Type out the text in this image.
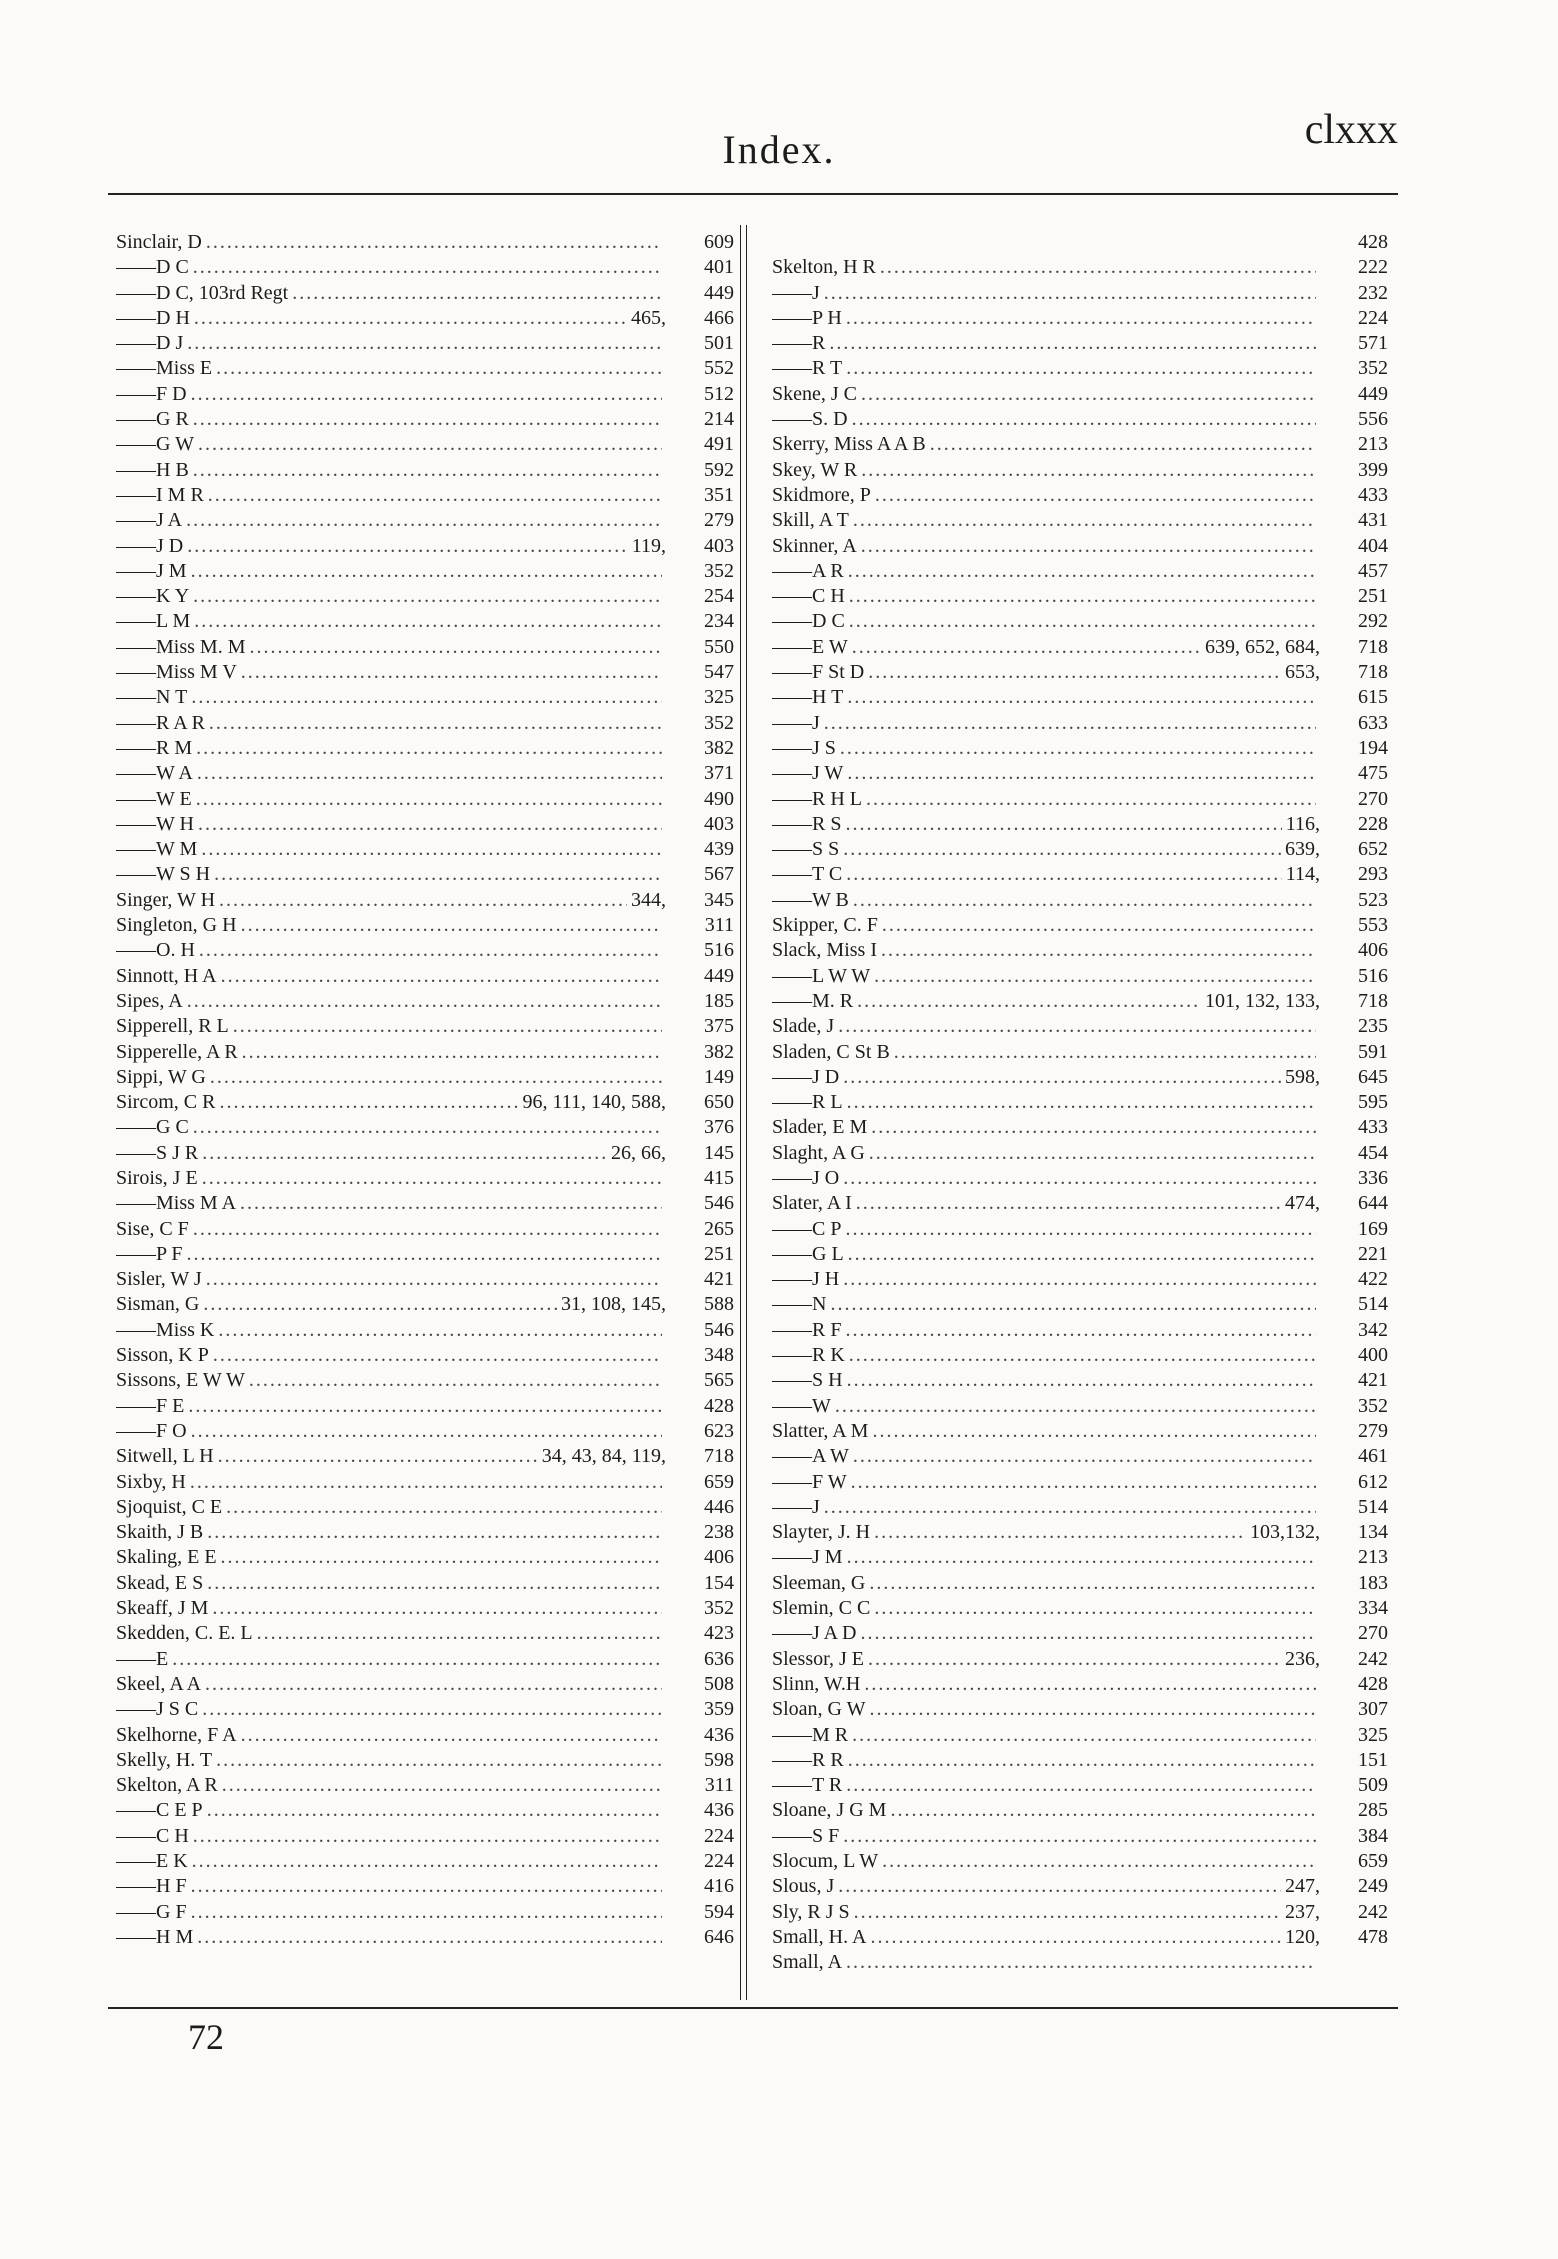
Index.	clxxx
Sinclair, D .....	609
——D C .....	401
——D C, 103rd Regt .....	449
——D H .....	465,	466
——D J .....	501
——Miss E .....	552
——F D .....	512
——G R .....	214
——G W .....	491
——H B .....	592
——I M R .....	351
——J A .....	279
——J D .....	119,	403
——J M .....	352
——K Y .....	254
——L M .....	234
——Miss M. M .....	550
——Miss M V .....	547
——N T .....	325
——R A R .....	352
——R M .....	382
——W A .....	371
——W E .....	490
——W H .....	403
——W M .....	439
——W S H .....	567
Singer, W H .....	344,	345
Singleton, G H .....	311
——O. H .....	516
Sinnott, H A .....	449
Sipes, A .....	185
Sipperell, R L .....	375
Sipperelle, A R .....	382
Sippi, W G .....	149
Sircom, C R .....	96, 111, 140, 588,	650
——G C .....	376
——S J R .....	26, 66,	145
Sirois, J E .....	415
——Miss M A .....	546
Sise, C F .....	265
——P F .....	251
Sisler, W J .....	421
Sisman, G .....	31, 108, 145,	588
——Miss K .....	546
Sisson, K P .....	348
Sissons, E W W .....	565
——F E .....	428
——F O .....	623
Sitwell, L H .....	34, 43, 84, 119,	718
Sixby, H .....	659
Sjoquist, C E .....	446
Skaith, J B .....	238
Skaling, E E .....	406
Skead, E S .....	154
Skeaff, J M .....	352
Skedden, C. E. L .....	423
——E .....	636
Skeel, A A .....	508
——J S C .....	359
Skelhorne, F A .....	436
Skelly, H. T .....	598
Skelton, A R .....	311
——C E P .....	436
——C H .....	224
——E K .....	224
——H F .....	416
——G F .....	594
——H M .....	646
428
Skelton, H R .....	222
——J .....	232
——P H .....	224
——R .....	571
——R T .....	352
Skene, J C .....	449
——S. D .....	556
Skerry, Miss A A B .....	213
Skey, W R .....	399
Skidmore, P .....	433
Skill, A T .....	431
Skinner, A .....	404
——A R .....	457
——C H .....	251
——D C .....	292
——E W .....	639, 652, 684,	718
——F St D .....	653,	718
——H T .....	615
——J .....	633
——J S .....	194
——J W .....	475
——R H L .....	270
——R S .....	116,	228
——S S .....	639,	652
——T C .....	114,	293
——W B .....	523
Skipper, C. F .....	553
Slack, Miss I .....	406
——L W W .....	516
——M. R .....	101, 132, 133,	718
Slade, J .....	235
Sladen, C St B .....	591
——J D .....	598,	645
——R L .....	595
Slader, E M .....	433
Slaght, A G .....	454
——J O .....	336
Slater, A I .....	474,	644
——C P .....	169
——G L .....	221
——J H .....	422
——N .....	514
——R F .....	342
——R K .....	400
——S H .....	421
——W .....	352
Slatter, A M .....	279
——A W .....	461
——F W .....	612
——J .....	514
Slayter, J. H .....	103,132,	134
——J M .....	213
Sleeman, G .....	183
Slemin, C C .....	334
——J A D .....	270
Slessor, J E .....	236,	242
Slinn, W.H .....	428
Sloan, G W .....	307
——M R .....	325
——R R .....	151
——T R .....	509
Sloane, J G M .....	285
——S F .....	384
Slocum, L W .....	659
Slous, J .....	247,	249
Sly, R J S .....	237,	242
Small, H. A .....	120,	478
Small, A
.....
72
